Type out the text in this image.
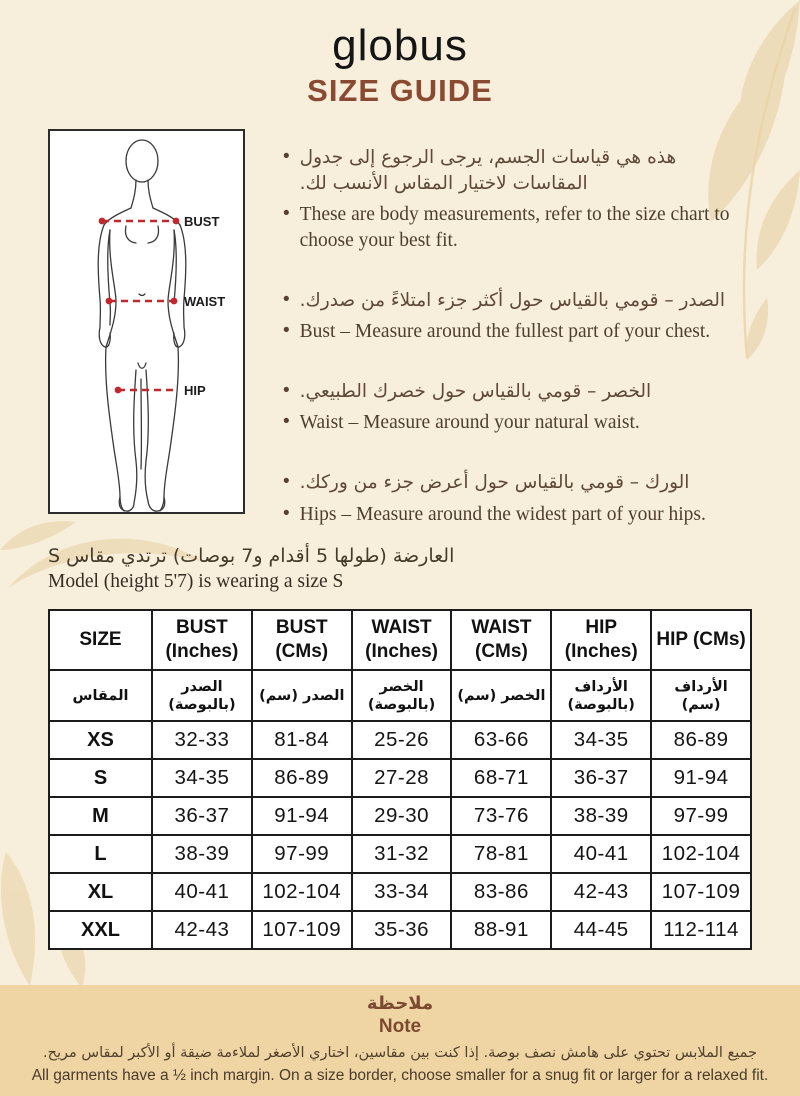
globus
SIZE GUIDE
BUST
WAIST
HIP
• هذه هي قياسات الجسم، يرجى الرجوع إلى جدول المقاسات لاختيار المقاس الأنسب لك.
• These are body measurements, refer to the size chart to choose your best fit.
• الصدر – قومي بالقياس حول أكثر جزء امتلاءً من صدرك.
• Bust – Measure around the fullest part of your chest.
• الخصر – قومي بالقياس حول خصرك الطبيعي.
• Waist – Measure around your natural waist.
• الورك – قومي بالقياس حول أعرض جزء من وركك.
• Hips – Measure around the widest part of your hips.
العارضة (طولها 5 أقدام و7 بوصات) ترتدي مقاس S
Model (height 5'7) is wearing a size S
SIZE	BUST (Inches)	BUST (CMs)	WAIST (Inches)	WAIST (CMs)	HIP (Inches)	HIP (CMs)
المقاس	الصدر (بالبوصة)	الصدر (سم)	الخصر (بالبوصة)	الخصر (سم)	الأرداف (بالبوصة)	الأرداف (سم)
XS	32-33	81-84	25-26	63-66	34-35	86-89
S	34-35	86-89	27-28	68-71	36-37	91-94
M	36-37	91-94	29-30	73-76	38-39	97-99
L	38-39	97-99	31-32	78-81	40-41	102-104
XL	40-41	102-104	33-34	83-86	42-43	107-109
XXL	42-43	107-109	35-36	88-91	44-45	112-114
ملاحظة
Note
جميع الملابس تحتوي على هامش نصف بوصة. إذا كنت بين مقاسين، اختاري الأصغر لملاءمة ضيقة أو الأكبر لمقاس مريح.
All garments have a ½ inch margin. On a size border, choose smaller for a snug fit or larger for a relaxed fit.
